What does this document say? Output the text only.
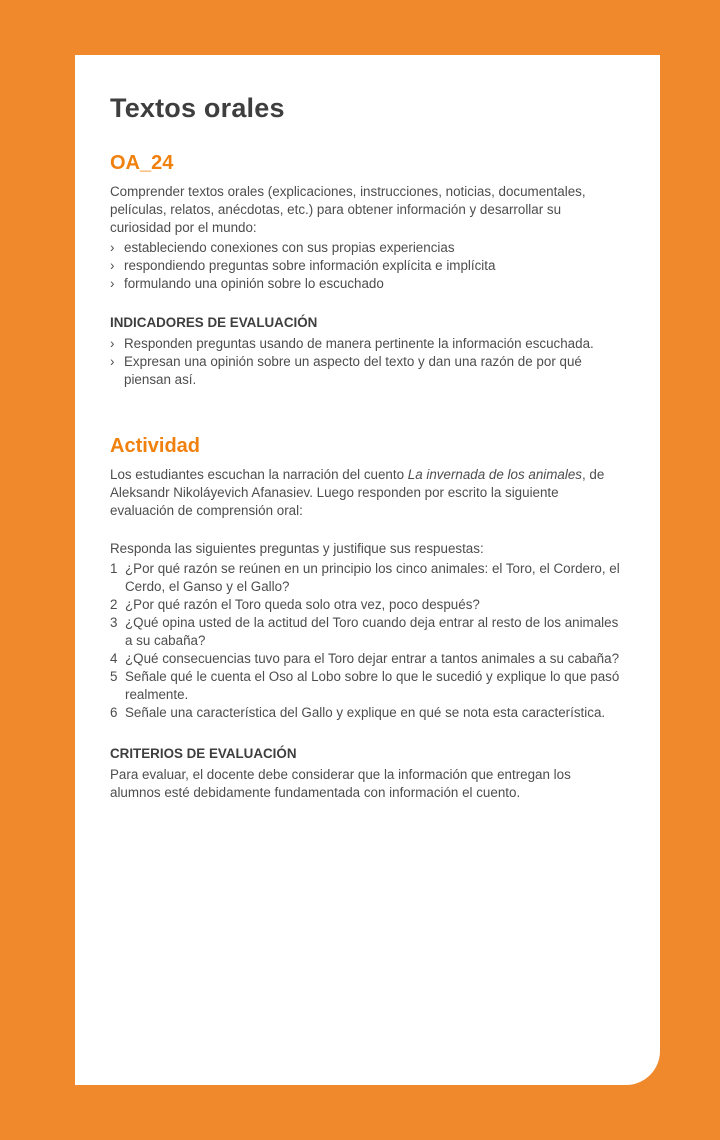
Textos orales
OA_24

Comprender textos orales (explicaciones, instrucciones, noticias, documentales, películas, relatos, anécdotas, etc.) para obtener información y desarrollar su curiosidad por el mundo:

› estableciendo conexiones con sus propias experiencias
› respondiendo preguntas sobre información explícita e implícita
› formulando una opinión sobre lo escuchado
INDICADORES DE EVALUACIÓN
› Responden preguntas usando de manera pertinente la información escuchada.
› Expresan una opinión sobre un aspecto del texto y dan una razón de por qué piensan así.
Actividad

Los estudiantes escuchan la narración del cuento La invernada de los animales, de Aleksandr Nikoláyevich Afanasiev. Luego responden por escrito la siguiente evaluación de comprensión oral:

Responda las siguientes preguntas y justifique sus respuestas:

1 ¿Por qué razón se reúnen en un principio los cinco animales: el Toro, el Cordero, el Cerdo, el Ganso y el Gallo?
2 ¿Por qué razón el Toro queda solo otra vez, poco después?
3 ¿Qué opina usted de la actitud del Toro cuando deja entrar al resto de los animales a su cabaña?
4 ¿Qué consecuencias tuvo para el Toro dejar entrar a tantos animales a su cabaña?
5 Señale qué le cuenta el Oso al Lobo sobre lo que le sucedió y explique lo que pasó realmente.
6 Señale una característica del Gallo y explique en qué se nota esta característica.
CRITERIOS DE EVALUACIÓN

Para evaluar, el docente debe considerar que la información que entregan los alumnos esté debidamente fundamentada con información el cuento.
